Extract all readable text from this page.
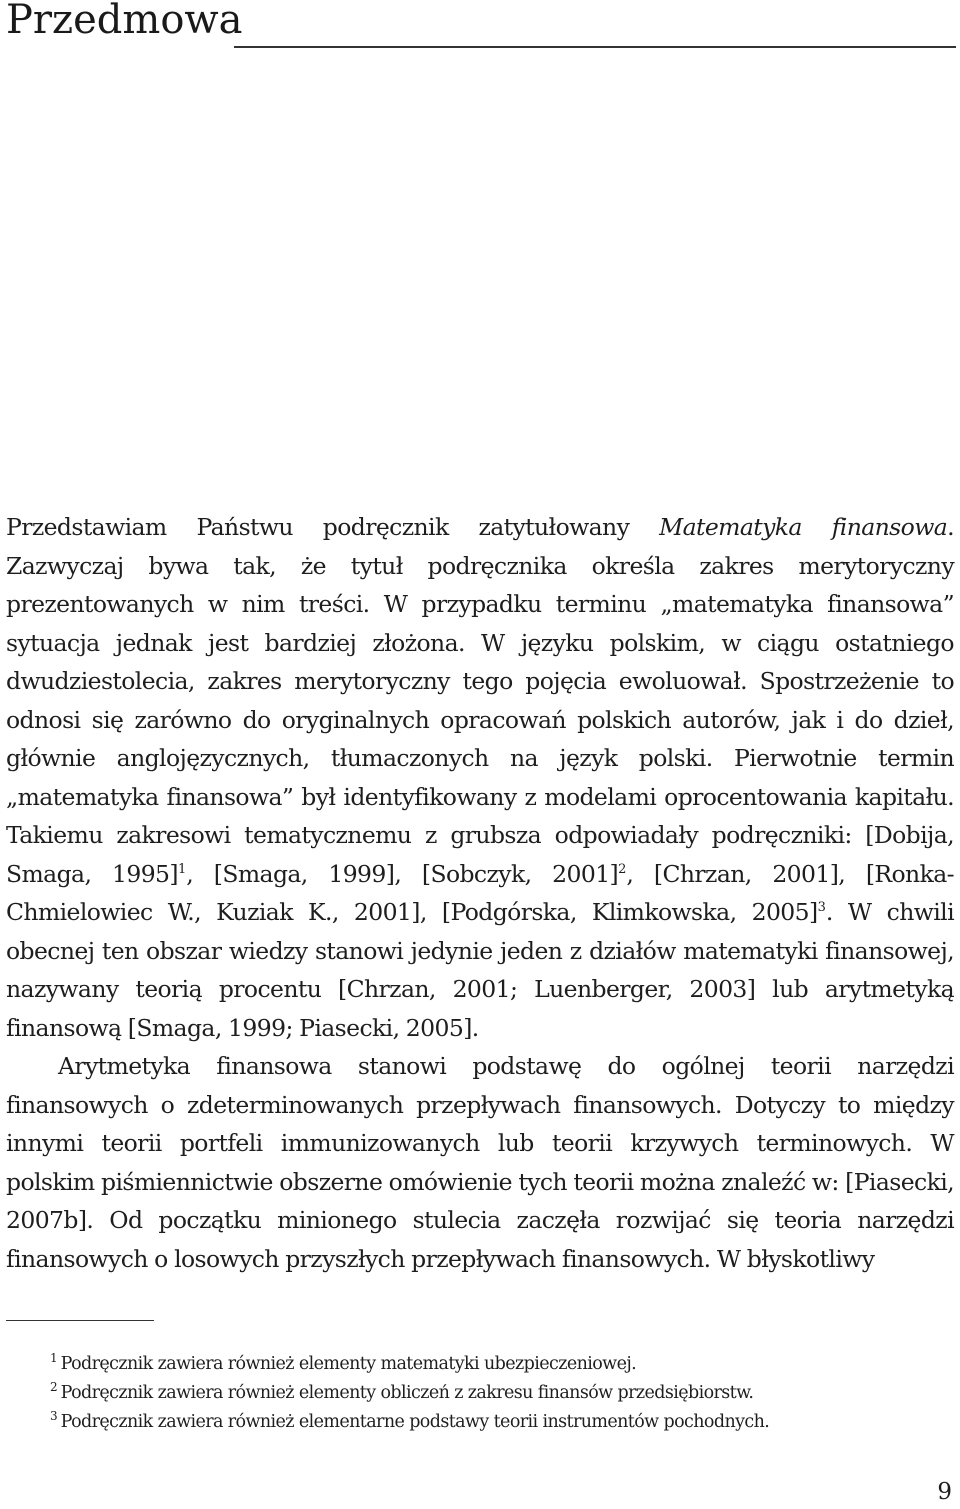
Przedmowa

Przedstawiam Państwu podręcznik zatytułowany Matematyka finansowa. Zazwyczaj bywa tak, że tytuł podręcznika określa zakres merytoryczny prezentowanych w nim treści. W przypadku terminu „matematyka finansowa” sytuacja jednak jest bardziej złożona. W języku polskim, w ciągu ostatniego dwudziestolecia, zakres merytoryczny tego pojęcia ewoluował. Spostrzeżenie to odnosi się zarówno do oryginalnych opracowań polskich autorów, jak i do dzieł, głównie anglojęzycznych, tłumaczonych na język polski. Pierwotnie termin „matematyka finansowa” był identyfikowany z modelami oprocentowania kapitału. Takiemu zakresowi tematycznemu z grubsza odpowiadały podręczniki: [Dobija, Smaga, 1995]$^1$, [Smaga, 1999], [Sobczyk, 2001]$^2$, [Chrzan, 2001], [Ronka-Chmielowiec W., Kuziak K., 2001], [Podgórska, Klimkowska, 2005]$^3$. W chwili obecnej ten obszar wiedzy stanowi jedynie jeden z działów matematyki finansowej, nazywany teorią procentu [Chrzan, 2001; Luenberger, 2003] lub arytmetyką finansową [Smaga, 1999; Piasecki, 2005].

Arytmetyka finansowa stanowi podstawę do ogólnej teorii narzędzi finansowych o zdeterminowanych przepływach finansowych. Dotyczy to między innymi teorii portfeli immunizowanych lub teorii krzywych terminowych. W polskim piśmiennictwie obszerne omówienie tych teorii można znaleźć w: [Piasecki, 2007b]. Od początku minionego stulecia zaczęła rozwijać się teoria narzędzi finansowych o losowych przyszłych przepływach finansowych. W błyskotliwy

$^1$ Podręcznik zawiera również elementy matematyki ubezpieczeniowej.

$^2$ Podręcznik zawiera również elementy obliczeń z zakresu finansów przedsiębiorstw.

$^3$ Podręcznik zawiera również elementarne podstawy teorii instrumentów pochodnych.

9
